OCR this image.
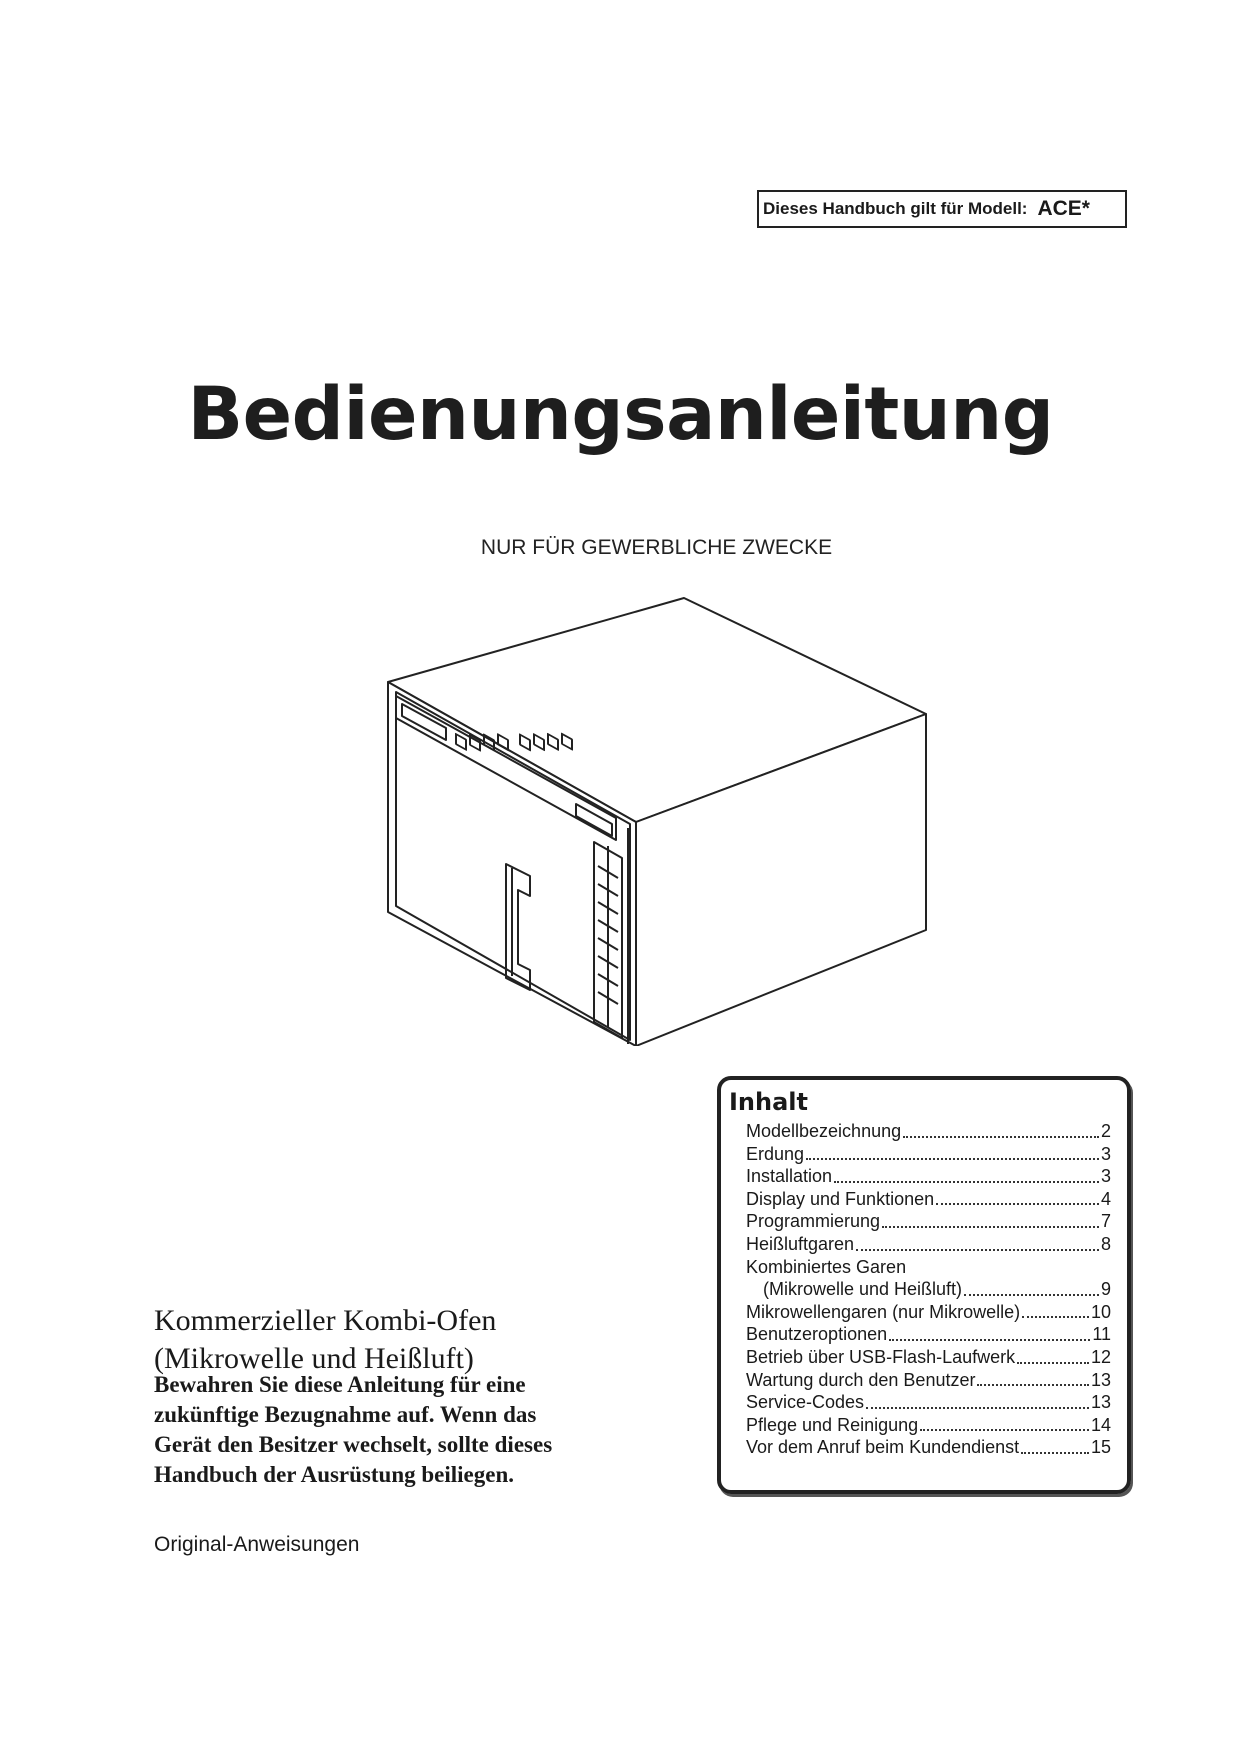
Dieses Handbuch gilt für Modell: ACE*
Bedienungsanleitung
NUR FÜR GEWERBLICHE ZWECKE
Kommerzieller Kombi-Ofen
(Mikrowelle und Heißluft)
Bewahren Sie diese Anleitung für eine
zukünftige Bezugnahme auf. Wenn das
Gerät den Besitzer wechselt, sollte dieses
Handbuch der Ausrüstung beiliegen.
Original-Anweisungen
Inhalt
Modellbezeichnung	2
Erdung	3
Installation	3
Display und Funktionen	4
Programmierung	7
Heißluftgaren	8
Kombiniertes Garen
(Mikrowelle und Heißluft)	9
Mikrowellengaren (nur Mikrowelle)	10
Benutzeroptionen	11
Betrieb über USB-Flash-Laufwerk	12
Wartung durch den Benutzer	13
Service-Codes	13
Pflege und Reinigung	14
Vor dem Anruf beim Kundendienst	15
